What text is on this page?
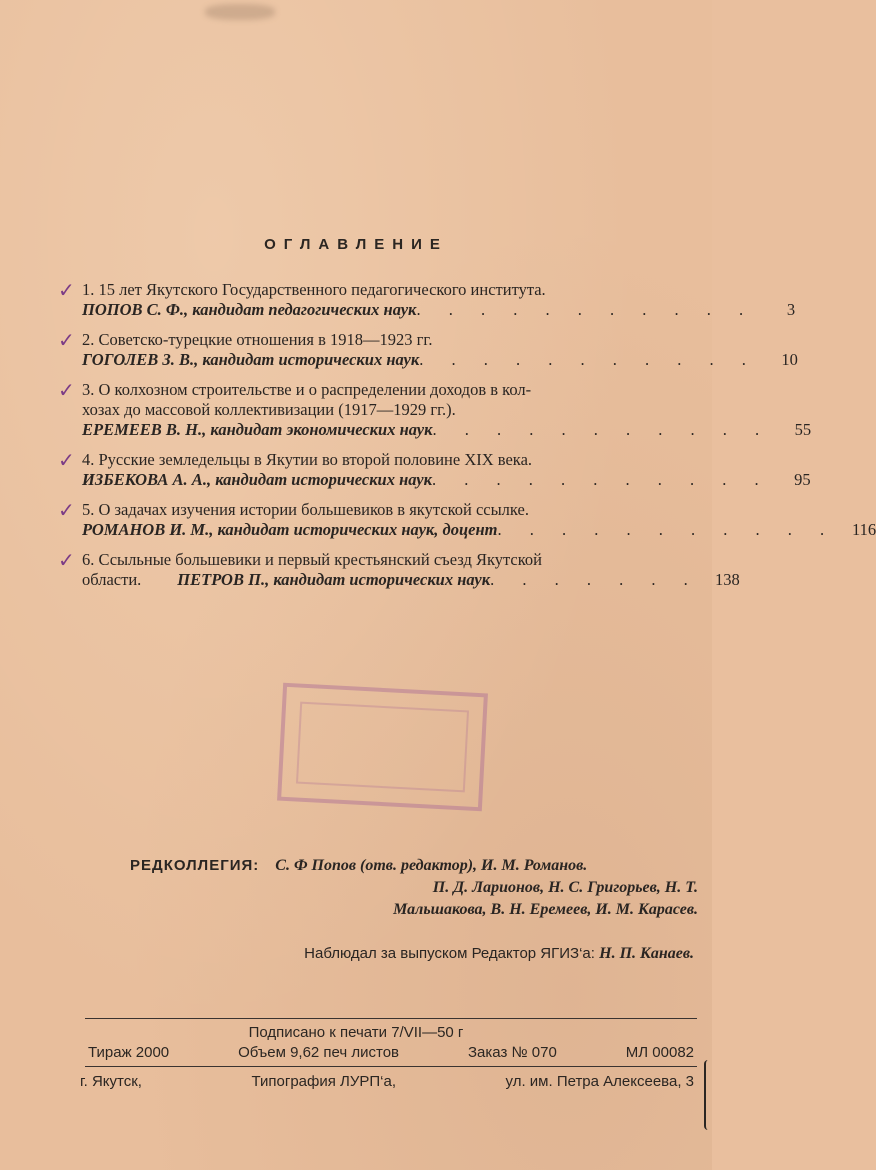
ОГЛАВЛЕНИЕ
✓ 1. 15 лет Якутского Государственного педагогического института.
ПОПОВ С. Ф., кандидат педагогических наук . . . . . . . . . . .	3
✓ 2. Советско-турецкие отношения в 1918—1923 гг.
ГОГОЛЕВ З. В., кандидат исторических наук . . . . . . . . . . .	10
✓ 3. О колхозном строительстве и о распределении доходов в кол-
хозах до массовой коллективизации (1917—1929 гг.).
ЕРЕМЕЕВ В. Н., кандидат экономических наук . . . . . . . . . . .	55
✓ 4. Русские земледельцы в Якутии во второй половине XIX века.
ИЗБЕКОВА А. А., кандидат исторических наук . . . . . . . . . . .	95
✓ 5. О задачах изучения истории большевиков в якутской ссылке.
РОМАНОВ И. М., кандидат исторических наук, доцент . . . . . . . . . . . 116
✓ 6. Ссыльные большевики и первый крестьянский съезд Якутской
области. ПЕТРОВ П., кандидат исторических наук . . . . . . . 138
РЕДКОЛЛЕГИЯ: С. Ф Попов (отв. редактор), И. М. Романов.
П. Д. Ларионов, Н. С. Григорьев, Н. Т.
Мальшакова, В. Н. Еремеев, И. М. Карасев.
Наблюдал за выпуском Редактор ЯГИЗ‘а: Н. П. Канаев.
Подписано к печати 7/VII—50 г
Тираж 2000	Объем 9,62 печ листов	Заказ № 070	МЛ 00082
г. Якутск,	Типография ЛУРП‘а,	ул. им. Петра Алексеева, 3
